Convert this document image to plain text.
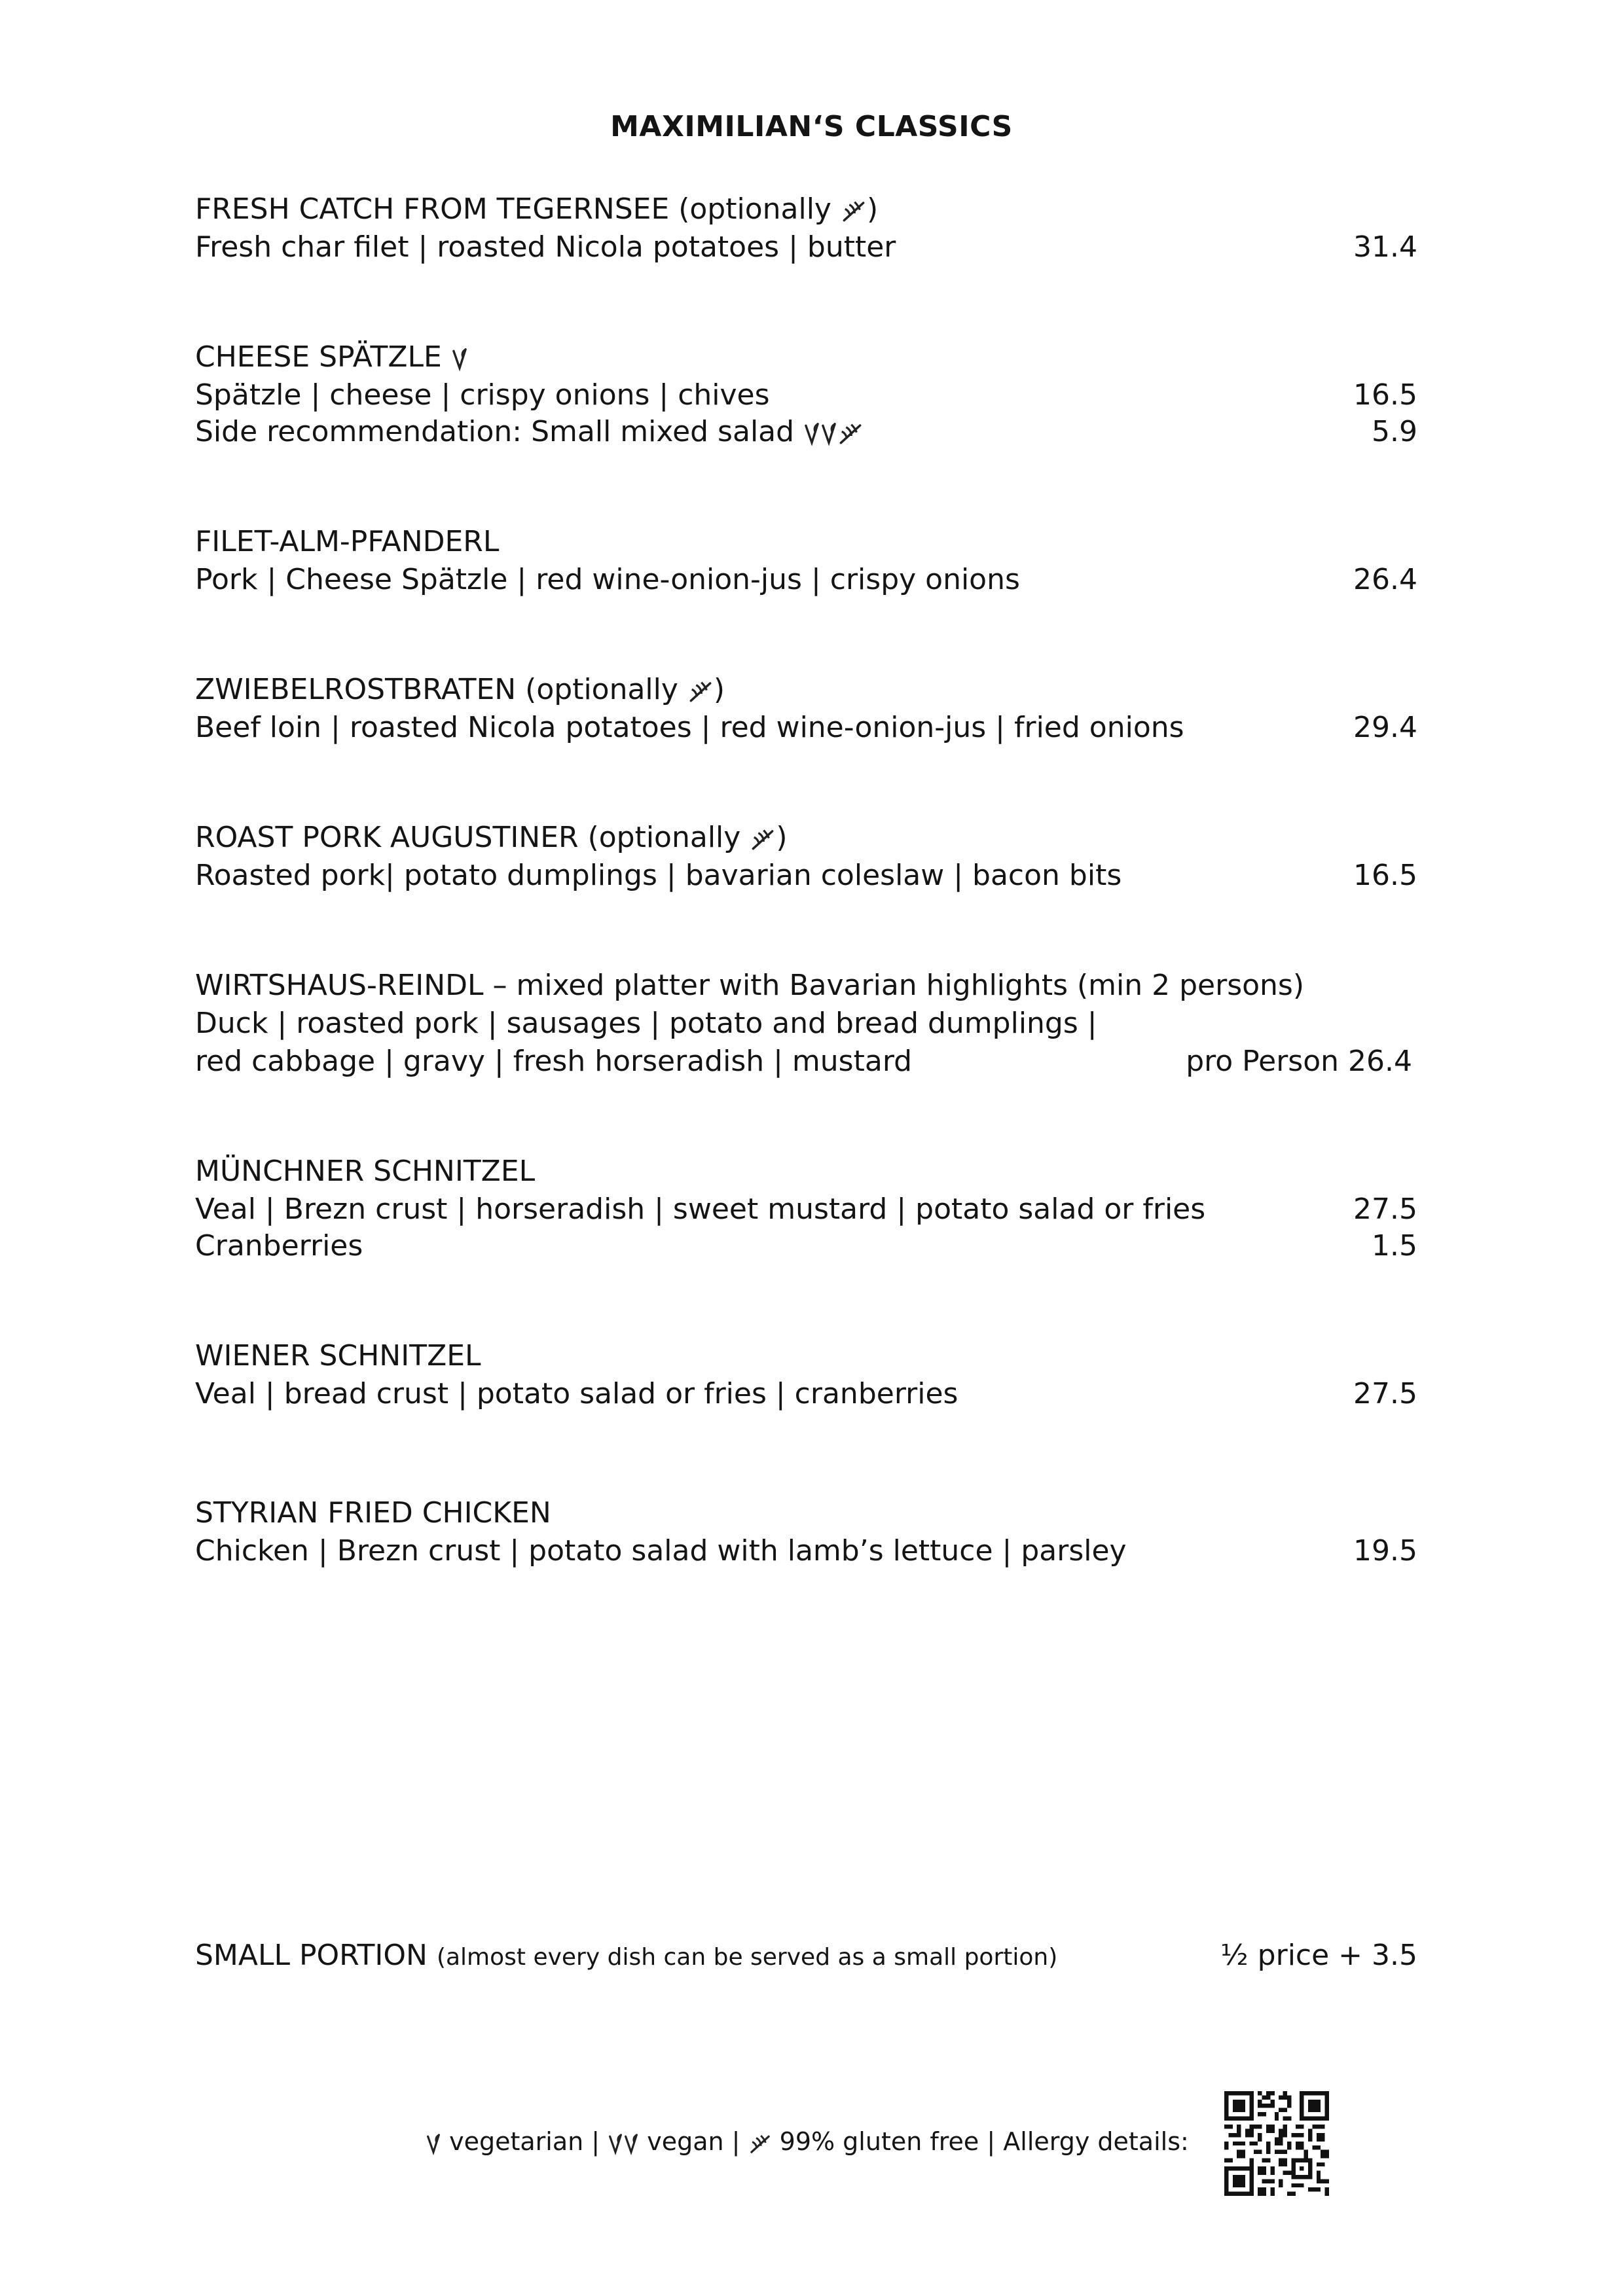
MAXIMILIAN‘S CLASSICS
FRESH CATCH FROM TEGERNSEE (optionally
)
Fresh char filet | roasted Nicola potatoes | butter	31.4
CHEESE SPÄTZLE
Spätzle | cheese | crispy onions | chives	16.5
Side recommendation: Small mixed salad	5.9
FILET-ALM-PFANDERL
Pork | Cheese Spätzle | red wine-onion-jus | crispy onions	26.4
ZWIEBELROSTBRATEN (optionally
)
Beef loin | roasted Nicola potatoes | red wine-onion-jus | fried onions	29.4
ROAST PORK AUGUSTINER (optionally
)
Roasted pork| potato dumplings | bavarian coleslaw | bacon bits	16.5
WIRTSHAUS-REINDL – mixed platter with Bavarian highlights (min 2 persons)
Duck | roasted pork | sausages | potato and bread dumplings |
red cabbage | gravy | fresh horseradish | mustard	pro Person 26.4
MÜNCHNER SCHNITZEL
Veal | Brezn crust | horseradish | sweet mustard | potato salad or fries	27.5
Cranberries	1.5
WIENER SCHNITZEL
Veal | bread crust | potato salad or fries | cranberries	27.5
STYRIAN FRIED CHICKEN
Chicken | Brezn crust | potato salad with lamb’s lettuce | parsley	19.5
SMALL PORTION (almost every dish can be served as a small portion)	½ price + 3.5
vegetarian |
vegan |
99% gluten free | Allergy details:
